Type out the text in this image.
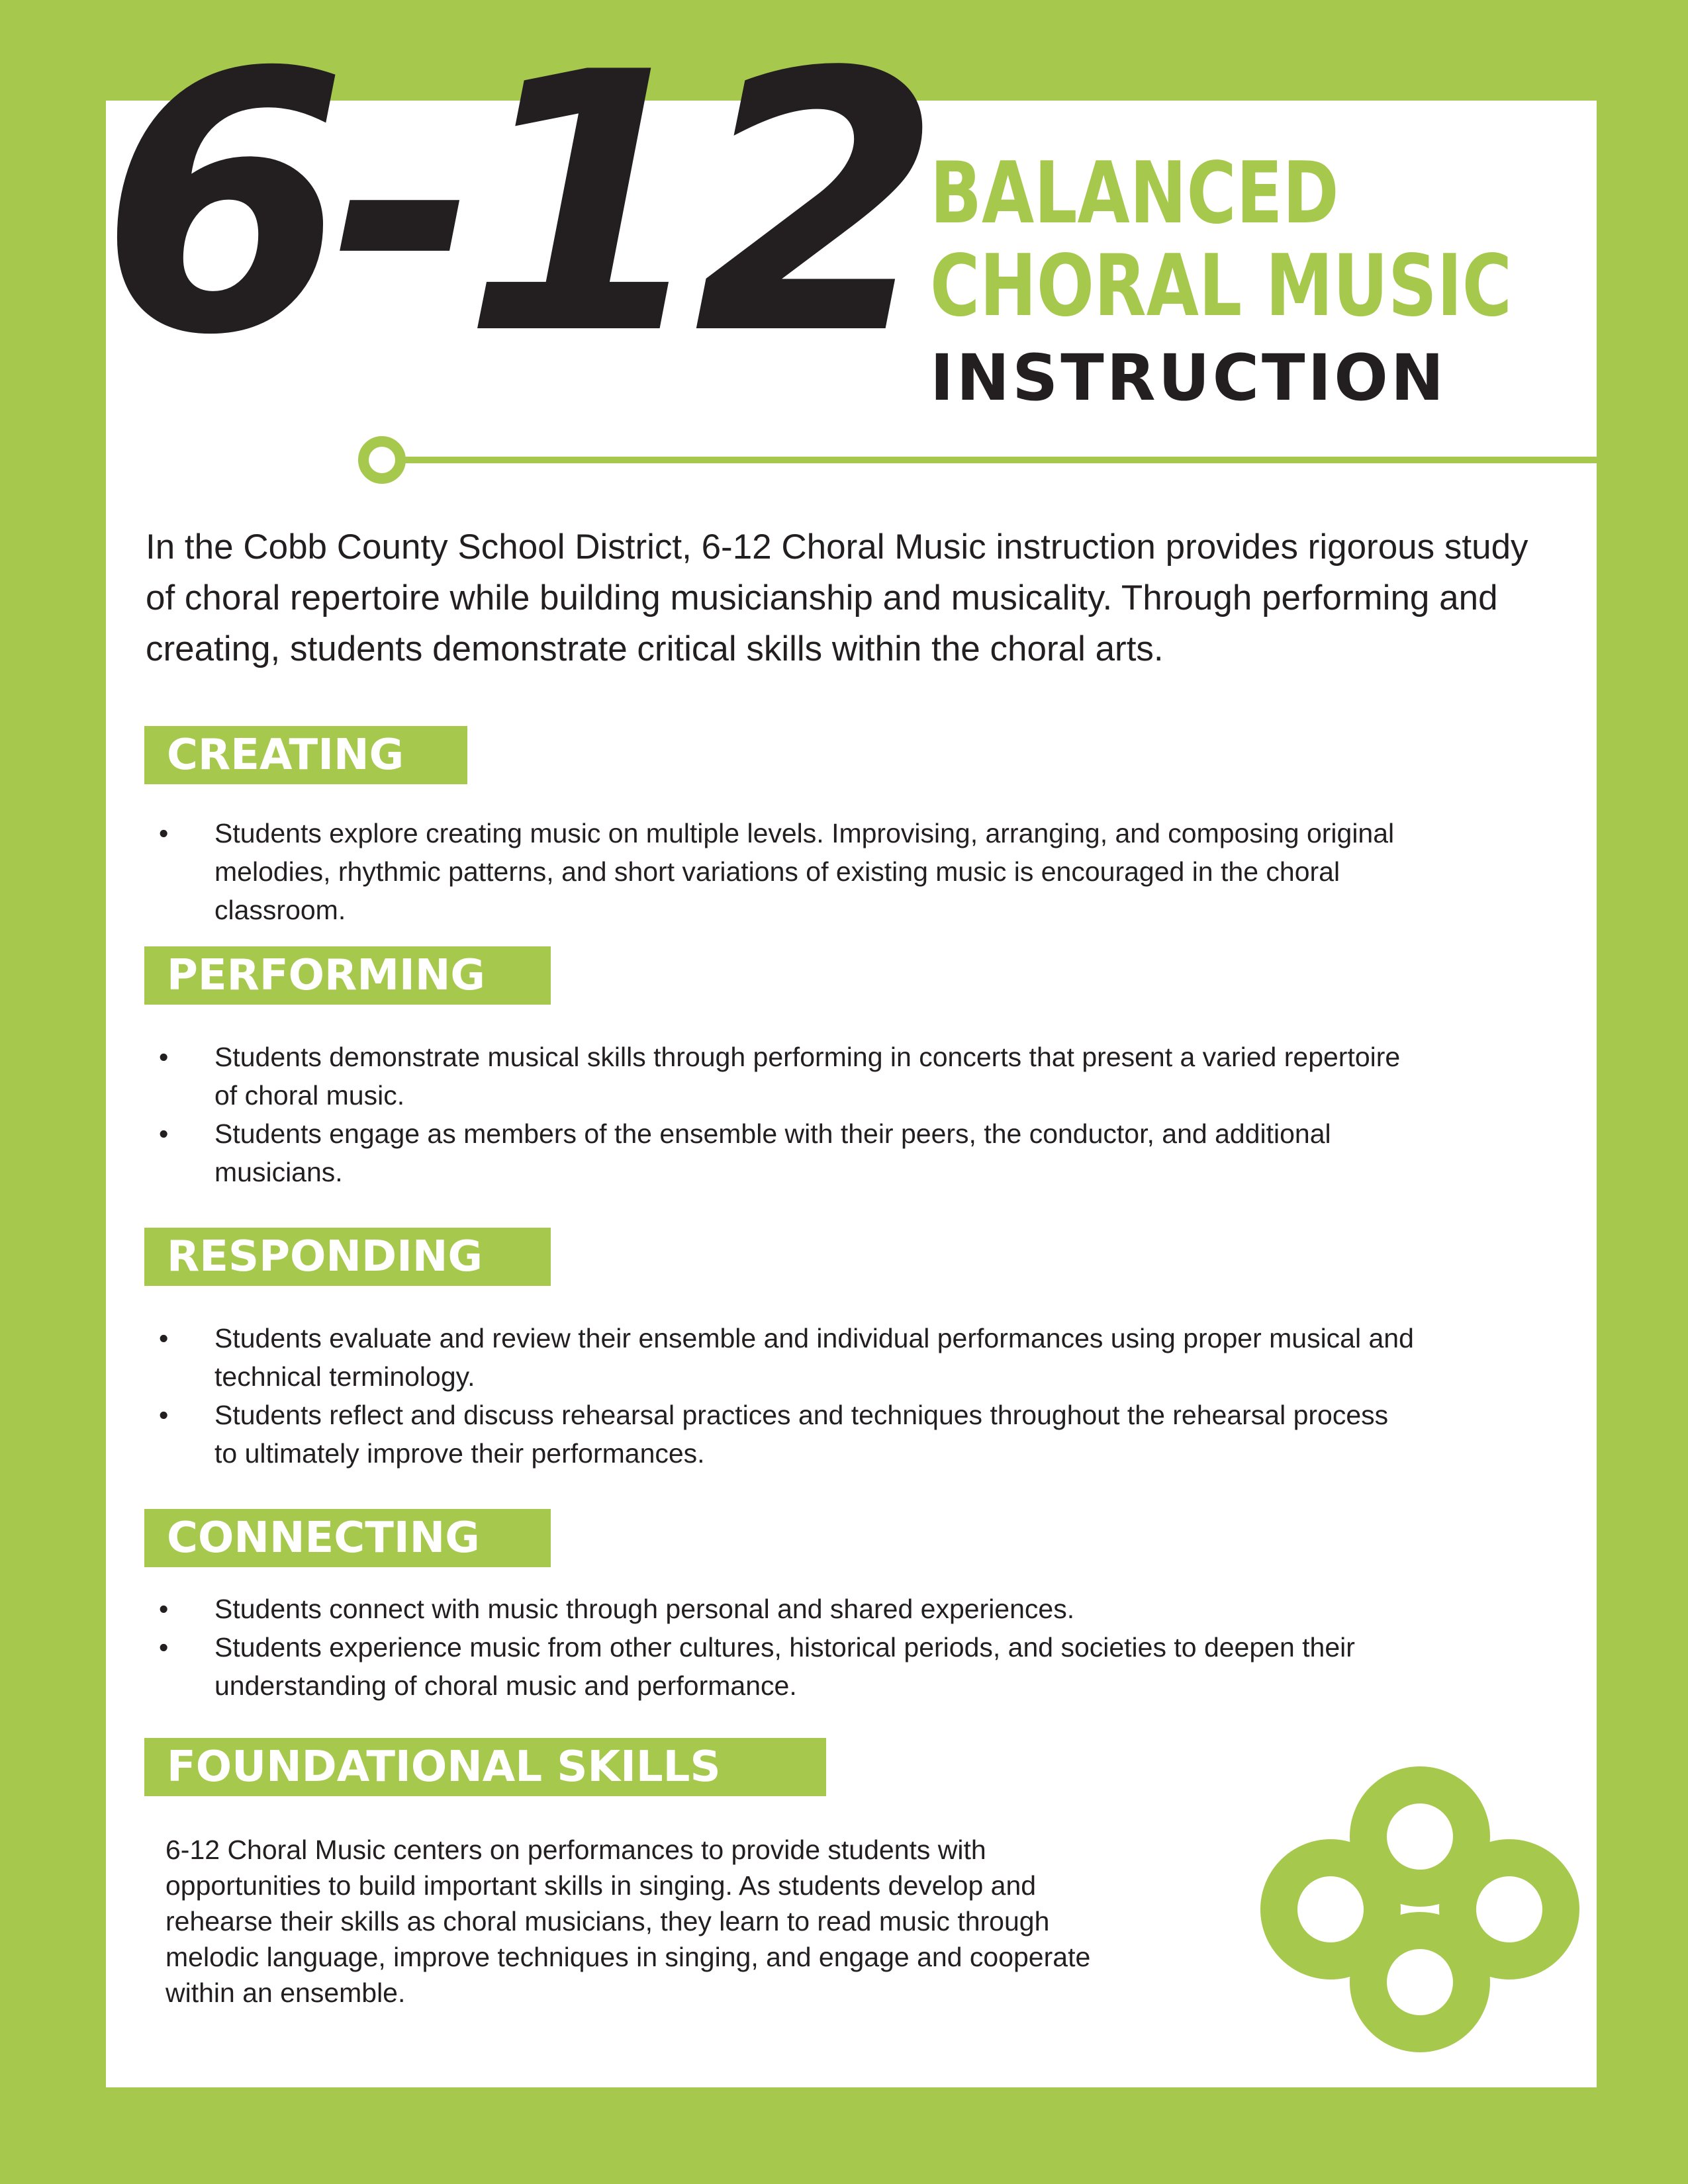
6-12 BALANCED
CHORAL MUSIC
INSTRUCTION
In the Cobb County School District, 6-12 Choral Music instruction provides rigorous study of choral repertoire while building musicianship and musicality. Through performing and creating, students demonstrate critical skills within the choral arts.
CREATING
• Students explore creating music on multiple levels. Improvising, arranging, and composing original melodies, rhythmic patterns, and short variations of existing music is encouraged in the choral classroom.
PERFORMING
• Students demonstrate musical skills through performing in concerts that present a varied repertoire of choral music.
• Students engage as members of the ensemble with their peers, the conductor, and additional musicians.
RESPONDING
• Students evaluate and review their ensemble and individual performances using proper musical and technical terminology.
• Students reflect and discuss rehearsal practices and techniques throughout the rehearsal process to ultimately improve their performances.
CONNECTING
• Students connect with music through personal and shared experiences.
• Students experience music from other cultures, historical periods, and societies to deepen their understanding of choral music and performance.
FOUNDATIONAL SKILLS
6-12 Choral Music centers on performances to provide students with opportunities to build important skills in singing. As students develop and rehearse their skills as choral musicians, they learn to read music through melodic language, improve techniques in singing, and engage and cooperate within an ensemble.
